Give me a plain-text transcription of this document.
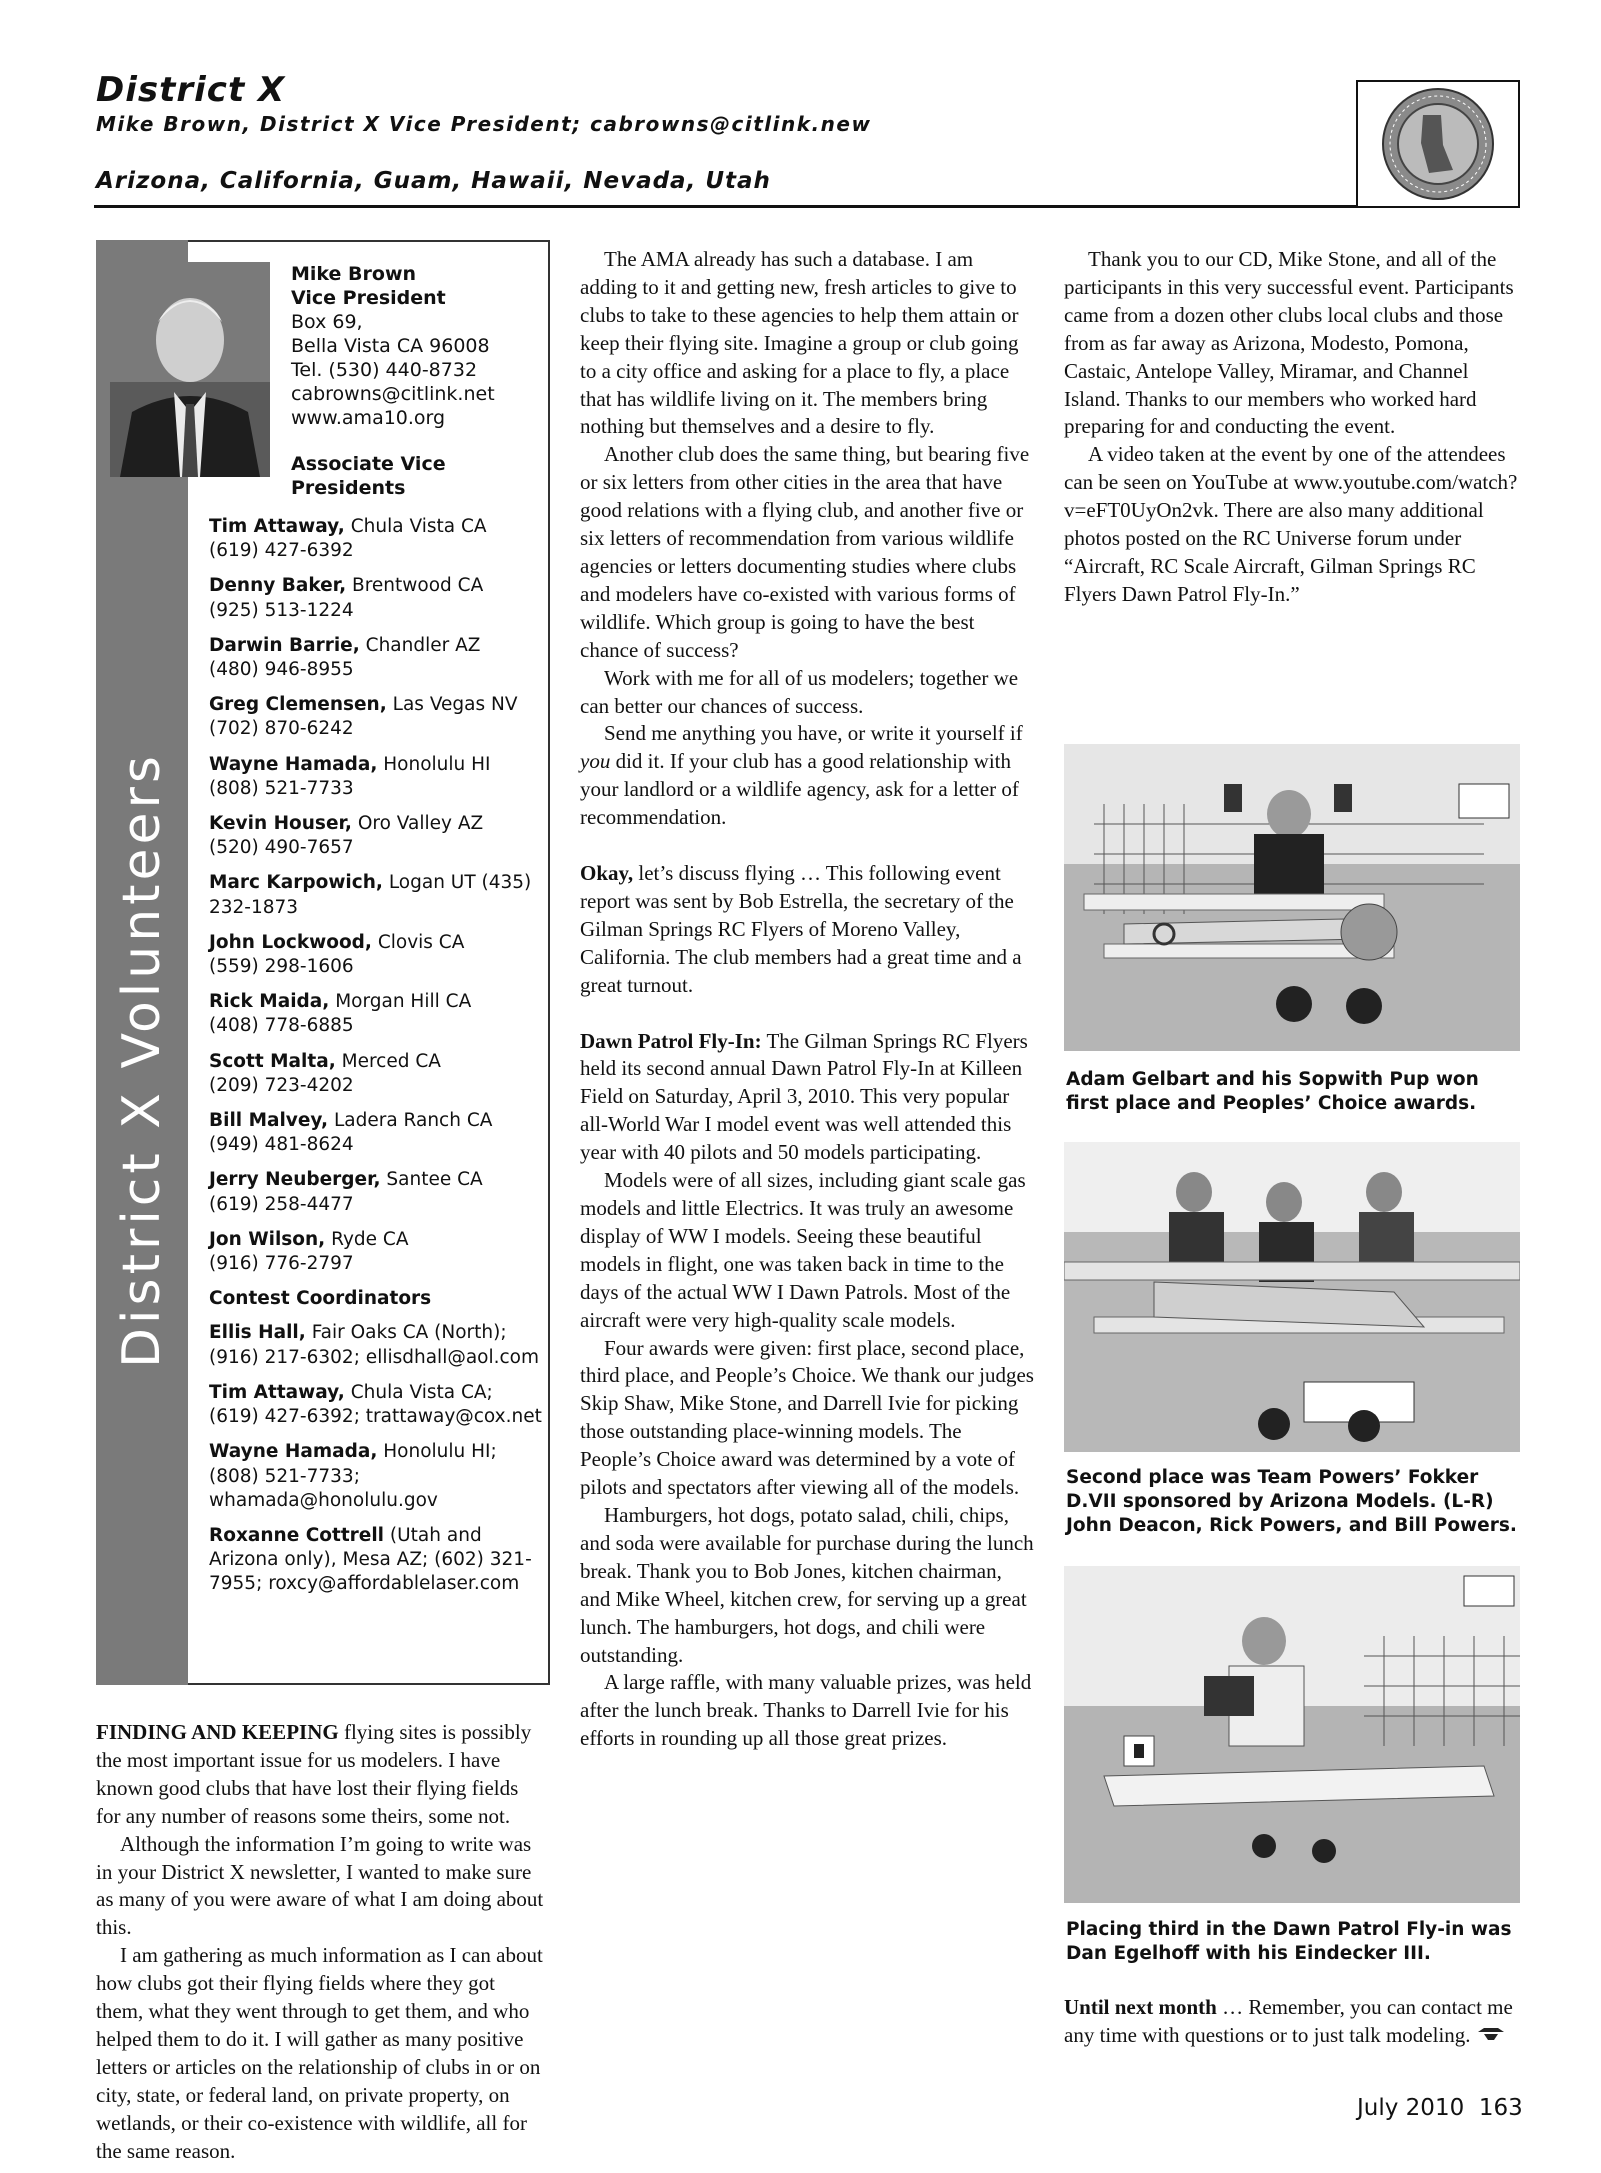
District X
Mike Brown, District X Vice President; cabrowns@citlink.new
Arizona, California, Guam, Hawaii, Nevada, Utah
District X Volunteers
Mike Brown
Vice President
Box 69,
Bella Vista CA 96008
Tel. (530) 440-8732
cabrowns@citlink.net
www.ama10.org
Associate Vice
Presidents
Tim Attaway, Chula Vista CA
(619) 427-6392
Denny Baker, Brentwood CA
(925) 513-1224
Darwin Barrie, Chandler AZ
(480) 946-8955
Greg Clemensen, Las Vegas NV
(702) 870-6242
Wayne Hamada, Honolulu HI
(808) 521-7733
Kevin Houser, Oro Valley AZ
(520) 490-7657
Marc Karpowich, Logan UT (435)
232-1873
John Lockwood, Clovis CA
(559) 298-1606
Rick Maida, Morgan Hill CA
(408) 778-6885
Scott Malta, Merced CA
(209) 723-4202
Bill Malvey, Ladera Ranch CA
(949) 481-8624
Jerry Neuberger, Santee CA
(619) 258-4477
Jon Wilson, Ryde CA
(916) 776-2797
Contest Coordinators
Ellis Hall, Fair Oaks CA (North); (916) 217-6302; ellisdhall@aol.com
Tim Attaway, Chula Vista CA; (619) 427-6392; trattaway@cox.net
Wayne Hamada, Honolulu HI; (808) 521-7733; whamada@honolulu.gov
Roxanne Cottrell (Utah and Arizona only), Mesa AZ; (602) 321-7955; roxcy@affordablelaser.com

FINDING AND KEEPING flying sites is possibly the most important issue for us modelers. I have known good clubs that have lost their flying fields for any number of reasons some theirs, some not.

Although the information I’m going to write was in your District X newsletter, I wanted to make sure as many of you were aware of what I am doing about this.

I am gathering as much information as I can about how clubs got their flying fields where they got them, what they went through to get them, and who helped them to do it. I will gather as many positive letters or articles on the relationship of clubs in or on city, state, or federal land, on private property, on wetlands, or their co-existence with wildlife, all for the same reason.

The AMA already has such a database. I am adding to it and getting new, fresh articles to give to clubs to take to these agencies to help them attain or keep their flying site. Imagine a group or club going to a city office and asking for a place to fly, a place that has wildlife living on it. The members bring nothing but themselves and a desire to fly.

Another club does the same thing, but bearing five or six letters from other cities in the area that have good relations with a flying club, and another five or six letters of recommendation from various wildlife agencies or letters documenting studies where clubs and modelers have co-existed with various forms of wildlife. Which group is going to have the best chance of success?

Work with me for all of us modelers; together we can better our chances of success.

Send me anything you have, or write it yourself if you did it. If your club has a good relationship with your landlord or a wildlife agency, ask for a letter of recommendation.

Okay, let’s discuss flying … This following event report was sent by Bob Estrella, the secretary of the Gilman Springs RC Flyers of Moreno Valley, California. The club members had a great time and a great turnout.

Dawn Patrol Fly-In: The Gilman Springs RC Flyers held its second annual Dawn Patrol Fly-In at Killeen Field on Saturday, April 3, 2010. This very popular all-World War I model event was well attended this year with 40 pilots and 50 models participating.

Models were of all sizes, including giant scale gas models and little Electrics. It was truly an awesome display of WW I models. Seeing these beautiful models in flight, one was taken back in time to the days of the actual WW I Dawn Patrols. Most of the aircraft were very high-quality scale models.

Four awards were given: first place, second place, third place, and People’s Choice. We thank our judges Skip Shaw, Mike Stone, and Darrell Ivie for picking those outstanding place-winning models. The People’s Choice award was determined by a vote of pilots and spectators after viewing all of the models.

Hamburgers, hot dogs, potato salad, chili, chips, and soda were available for purchase during the lunch break. Thank you to Bob Jones, kitchen chairman, and Mike Wheel, kitchen crew, for serving up a great lunch. The hamburgers, hot dogs, and chili were outstanding.

A large raffle, with many valuable prizes, was held after the lunch break. Thanks to Darrell Ivie for his efforts in rounding up all those great prizes.

Thank you to our CD, Mike Stone, and all of the participants in this very successful event. Participants came from a dozen other clubs local clubs and those from as far away as Arizona, Modesto, Pomona, Castaic, Antelope Valley, Miramar, and Channel Island. Thanks to our members who worked hard preparing for and conducting the event.

A video taken at the event by one of the attendees can be seen on YouTube at www.youtube.com/watch?v=eFT0UyOn2vk. There are also many additional photos posted on the RC Universe forum under “Aircraft, RC Scale Aircraft, Gilman Springs RC Flyers Dawn Patrol Fly-In.”

Adam Gelbart and his Sopwith Pup won first place and Peoples’ Choice awards.
Second place was Team Powers’ Fokker D.VII sponsored by Arizona Models. (L-R) John Deacon, Rick Powers, and Bill Powers.
Placing third in the Dawn Patrol Fly-in was Dan Egelhoff with his Eindecker III.

Until next month … Remember, you can contact me any time with questions or to just talk modeling.

July 2010 163
